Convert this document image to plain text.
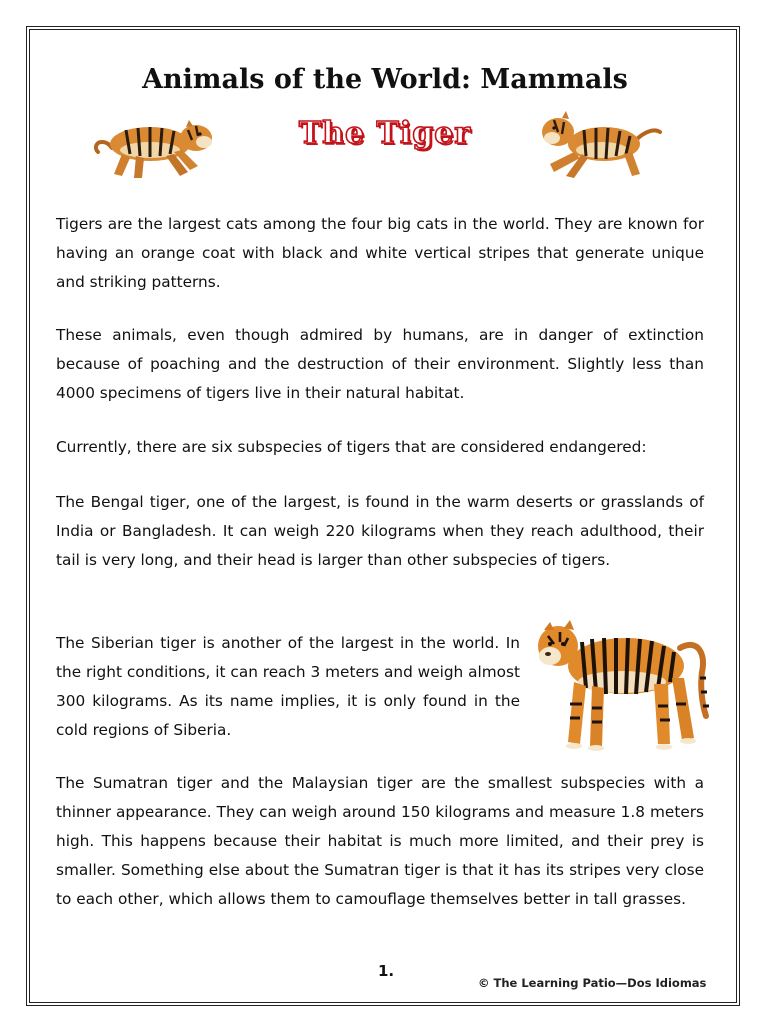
Animals of the World: Mammals
The Tiger
Tigers are the largest cats among the four big cats in the world. They are known for having an orange coat with black and white vertical stripes that generate unique and striking patterns.
These animals, even though admired by humans, are in danger of extinction because of poaching and the destruction of their environment. Slightly less than 4000 specimens of tigers live in their natural habitat.
Currently, there are six subspecies of tigers that are considered endangered:
The Bengal tiger, one of the largest, is found in the warm deserts or grasslands of India or Bangladesh. It can weigh 220 kilograms when they reach adulthood, their tail is very long, and their head is larger than other subspecies of tigers.
The Siberian tiger is another of the largest in the world. In the right conditions, it can reach 3 meters and weigh almost 300 kilograms. As its name implies, it is only found in the cold regions of Siberia.
The Sumatran tiger and the Malaysian tiger are the smallest subspecies with a thinner appearance. They can weigh around 150 kilograms and measure 1.8 meters high. This happens because their habitat is much more limited, and their prey is smaller. Something else about the Sumatran tiger is that it has its stripes very close to each other, which allows them to camouflage themselves better in tall grasses.
1.
© The Learning Patio—Dos Idiomas
